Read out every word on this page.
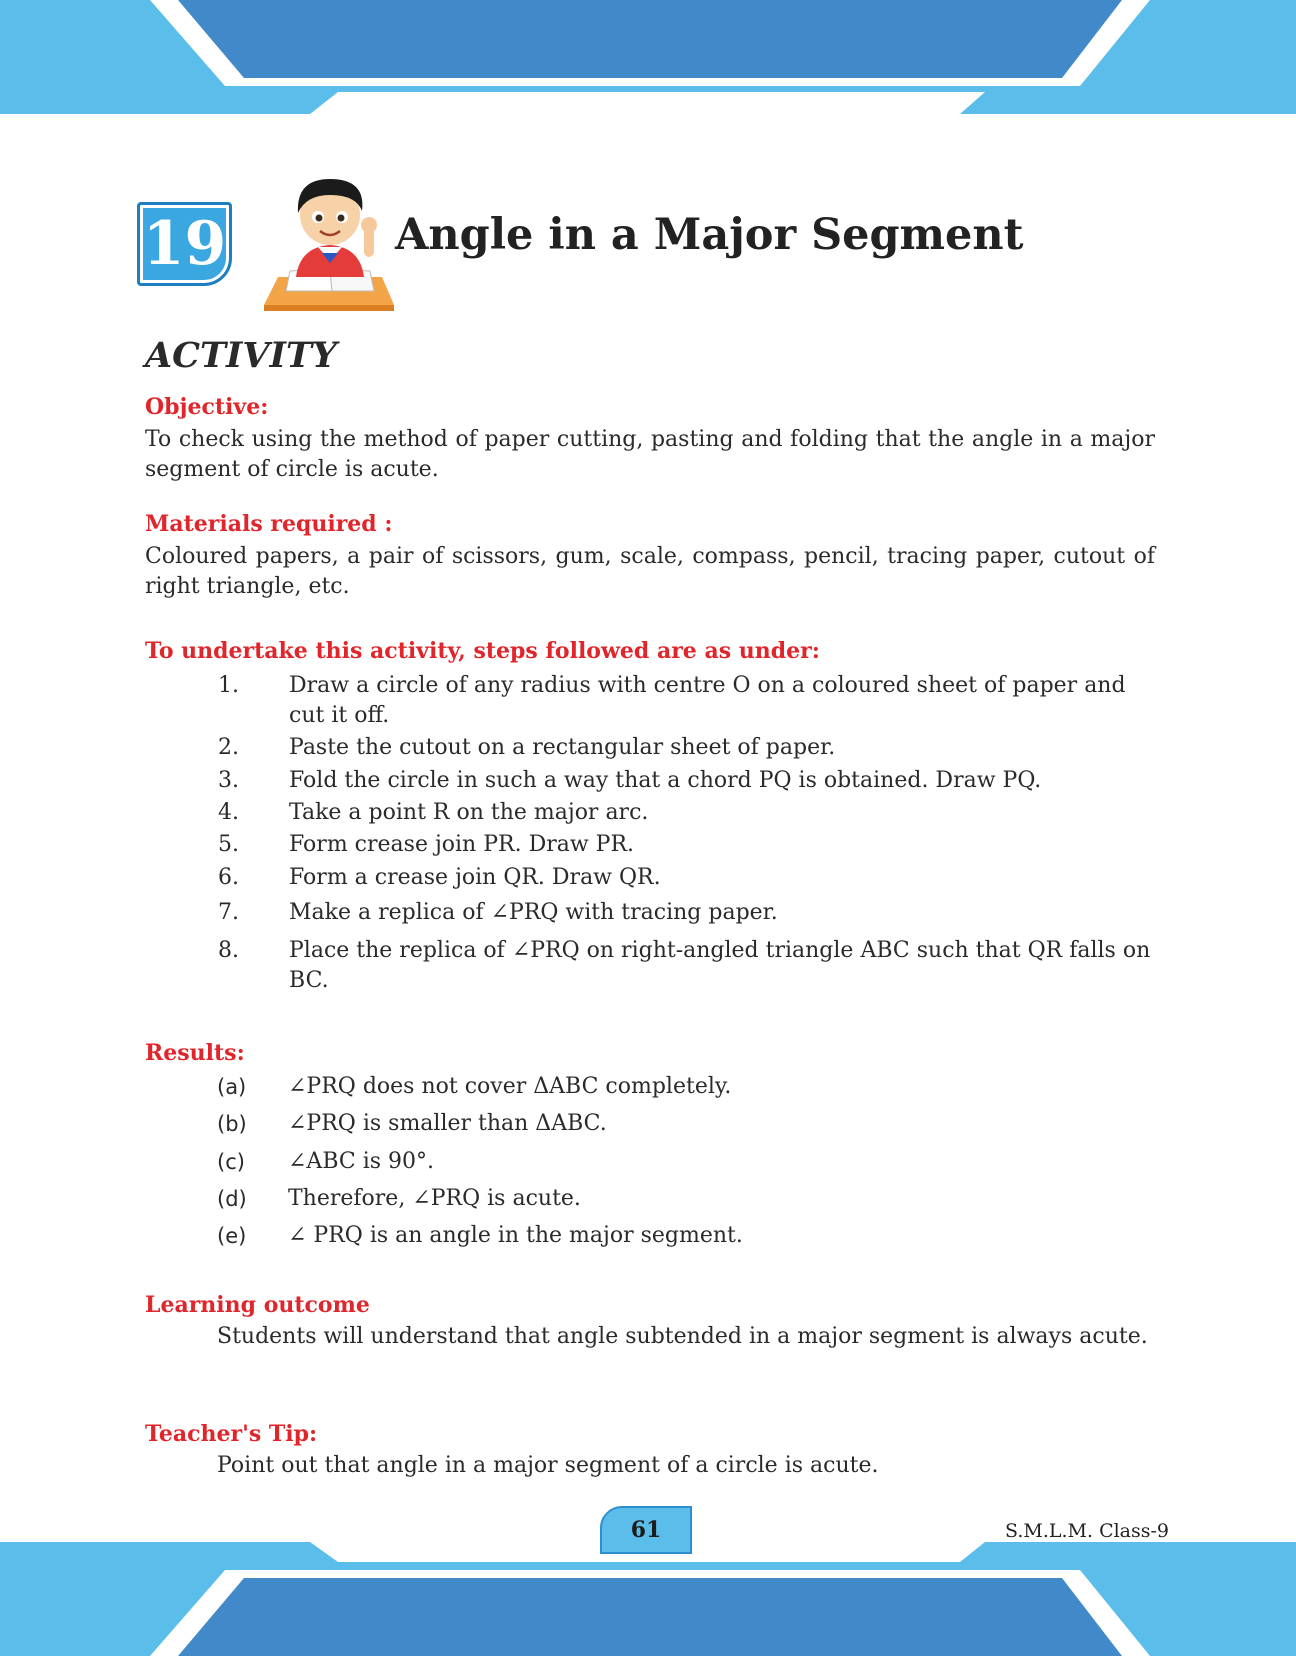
19	Angle in a Major Segment
ACTIVITY
Objective:
To check using the method of paper cutting, pasting and folding that the angle in a major segment of circle is acute.
Materials required :
Coloured papers, a pair of scissors, gum, scale, compass, pencil, tracing paper, cutout of right triangle, etc.
To undertake this activity, steps followed are as under:
1.	Draw a circle of any radius with centre O on a coloured sheet of paper and cut it off.
2.	Paste the cutout on a rectangular sheet of paper.
3.	Fold the circle in such a way that a chord PQ is obtained. Draw PQ.
4.	Take a point R on the major arc.
5.	Form crease join PR. Draw PR.
6.	Form a crease join QR. Draw QR.
7.	Make a replica of ∠PRQ with tracing paper.
8.	Place the replica of ∠PRQ on right-angled triangle ABC such that QR falls on BC.
Results:
(a) ∠PRQ does not cover ΔABC completely.
(b) ∠PRQ is smaller than ΔABC.
(c) ∠ABC is 90°.
(d) Therefore, ∠PRQ is acute.
(e) ∠ PRQ is an angle in the major segment.
Learning outcome
Students will understand that angle subtended in a major segment is always acute.
Teacher's Tip:
Point out that angle in a major segment of a circle is acute.
61	S.M.L.M. Class-9
